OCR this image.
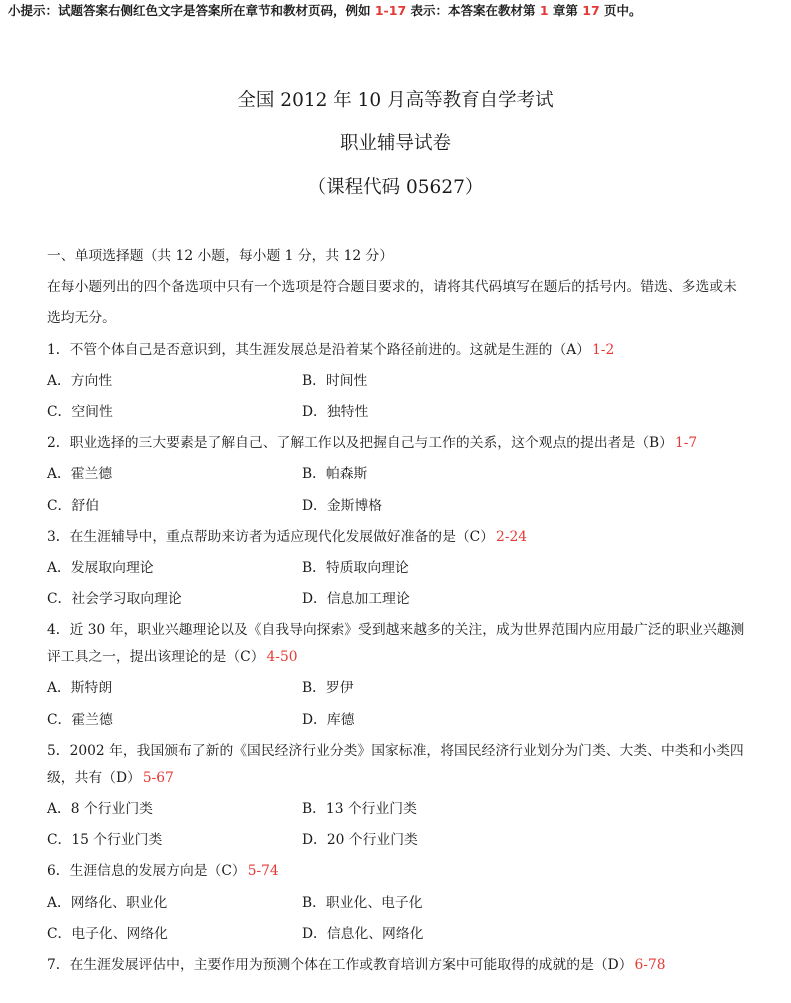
小提示：试题答案右侧红色文字是答案所在章节和教材页码，例如 1-17 表示：本答案在教材第 1 章第 17 页中。
全国 2012 年 10 月高等教育自学考试
职业辅导试卷
（课程代码 05627）
一、单项选择题（共 12 小题，每小题 1 分，共 12 分）
在每小题列出的四个备选项中只有一个选项是符合题目要求的，请将其代码填写在题后的括号内。错选、多选或未
选均无分。
1．不管个体自己是否意识到，其生涯发展总是沿着某个路径前进的。这就是生涯的（A） 1-2
A．方向性	B．时间性
C．空间性	D．独特性
2．职业选择的三大要素是了解自己、了解工作以及把握自己与工作的关系，这个观点的提出者是（B） 1-7
A．霍兰德	B．帕森斯
C．舒伯	D．金斯博格
3．在生涯辅导中，重点帮助来访者为适应现代化发展做好准备的是（C） 2-24
A．发展取向理论	B．特质取向理论
C．社会学习取向理论	D．信息加工理论
4．近 30 年，职业兴趣理论以及《自我导向探索》受到越来越多的关注，成为世界范围内应用最广泛的职业兴趣测
评工具之一，提出该理论的是（C） 4-50
A．斯特朗	B．罗伊
C．霍兰德	D．库德
5．2002 年，我国颁布了新的《国民经济行业分类》国家标准，将国民经济行业划分为门类、大类、中类和小类四
级，共有（D） 5-67
A．8 个行业门类	B．13 个行业门类
C．15 个行业门类	D．20 个行业门类
6．生涯信息的发展方向是（C） 5-74
A．网络化、职业化	B．职业化、电子化
C．电子化、网络化	D．信息化、网络化
7．在生涯发展评估中，主要作用为预测个体在工作或教育培训方案中可能取得的成就的是（D） 6-78
